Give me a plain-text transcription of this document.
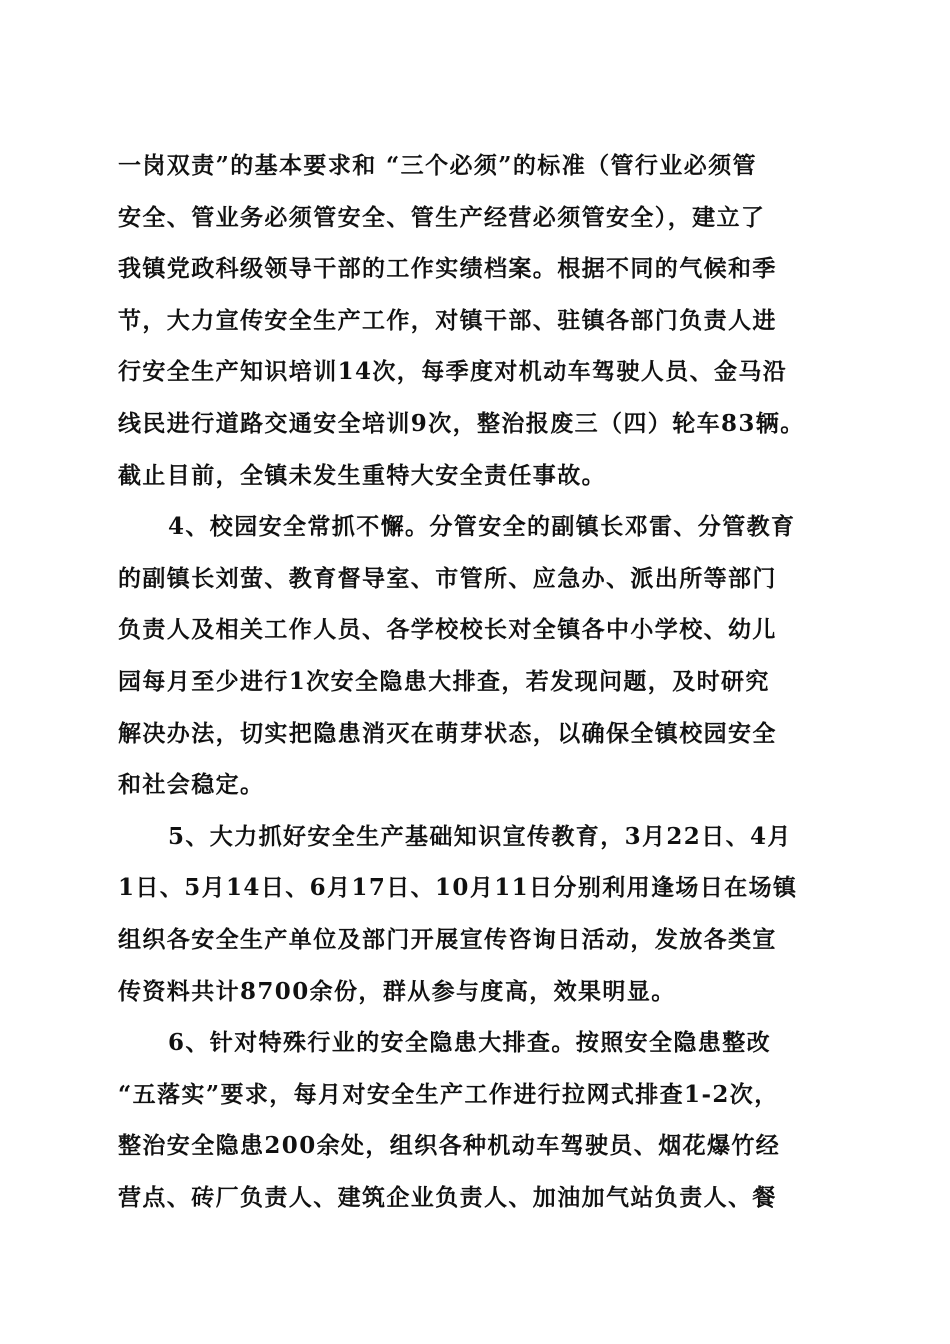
一岗双责”的基本要求和 “三个必须”的标准（管行业必须管
安全、管业务必须管安全、管生产经营必须管安全），建立了
我镇党政科级领导干部的工作实绩档案。根据不同的气候和季
节，大力宣传安全生产工作，对镇干部、驻镇各部门负责人进
行安全生产知识培训14次，每季度对机动车驾驶人员、金马沿
线民进行道路交通安全培训9次，整治报废三（四）轮车83辆。
截止目前，全镇未发生重特大安全责任事故。
4、校园安全常抓不懈。分管安全的副镇长邓雷、分管教育
的副镇长刘萤、教育督导室、市管所、应急办、派出所等部门
负责人及相关工作人员、各学校校长对全镇各中小学校、幼儿
园每月至少进行1次安全隐患大排查，若发现问题，及时研究
解决办法，切实把隐患消灭在萌芽状态，以确保全镇校园安全
和社会稳定。
5、大力抓好安全生产基础知识宣传教育，3月22日、4月
1日、5月14日、6月17日、10月11日分别利用逢场日在场镇
组织各安全生产单位及部门开展宣传咨询日活动，发放各类宣
传资料共计8700余份，群从参与度高，效果明显。
6、针对特殊行业的安全隐患大排查。按照安全隐患整改
“五落实”要求，每月对安全生产工作进行拉网式排查1-2次，
整治安全隐患200余处，组织各种机动车驾驶员、烟花爆竹经
营点、砖厂负责人、建筑企业负责人、加油加气站负责人、餐
